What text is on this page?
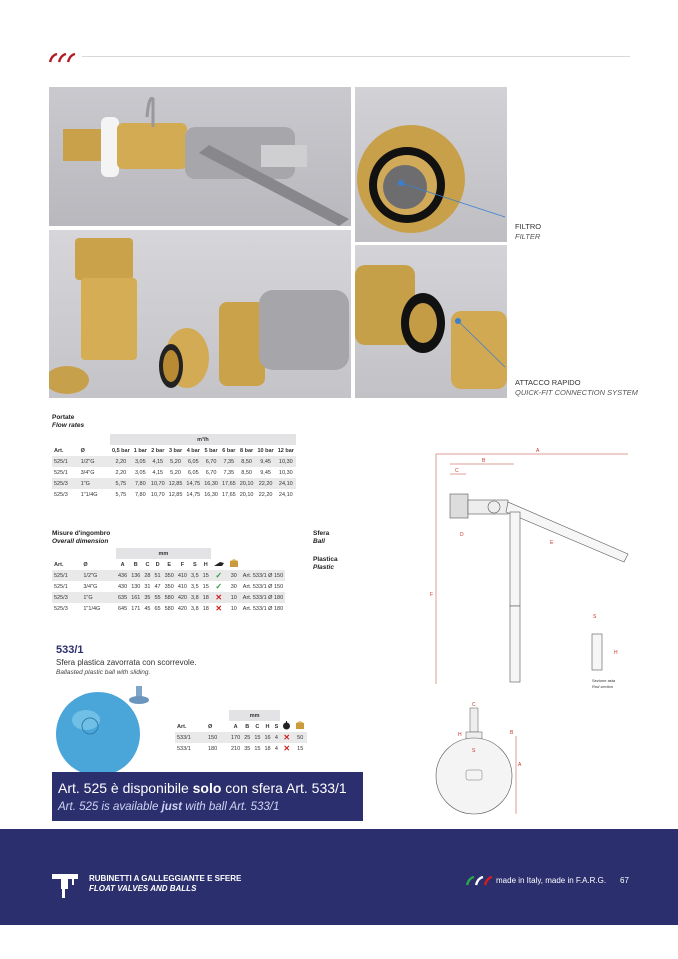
FILTRO
FILTER
ATTACCO RAPIDO
QUICK-FIT CONNECTION SYSTEM
Portate
Flow rates
		m³/h									
Art.	Ø	0,5 bar	1 bar	2 bar	3 bar	4 bar	5 bar	6 bar	8 bar	10 bar	12 bar
525/1	1/2"G	2,20	3,05	4,15	5,20	6,05	6,70	7,35	8,50	9,45	10,30
525/1	3/4"G	2,20	3,05	4,15	5,20	6,05	6,70	7,35	8,50	9,45	10,30
525/3	1"G	5,75	7,80	10,70	12,85	14,75	16,30	17,65	20,10	22,20	24,10
525/3	1"1/4G	5,75	7,80	10,70	12,85	14,75	16,30	17,65	20,10	22,20	24,10
Misure d'ingombro
Overall dimension
Sfera
Ball
Plastica
Plastic
		mm										
Art.	Ø	A	B	C	D	E	F	S	H			
525/1	1/2"G	436	136	28	51	350	410	3,5	15	✓	30	Art. 533/1 Ø 150
525/1	3/4"G	430	130	31	47	350	410	3,5	15	✓	30	Art. 533/1 Ø 150
525/3	1"G	635	161	35	55	580	420	3,8	18	✕	10	Art. 533/1 Ø 180
525/3	1"1/4G	645	171	45	65	580	420	3,8	18	✕	10	Art. 533/1 Ø 180
533/1
Sfera plastica zavorrata con scorrevole.
Ballasted plastic ball with sliding.
		mm						
Art.	Ø	A	B	C	H	S		
533/1	150	170	25	15	16	4	✕	50
533/1	180	210	35	15	18	4	✕	15
Art. 525 è disponibile solo con sfera Art. 533/1
Art. 525 is available just with ball Art. 533/1
A
B
C
F
D
E
S
H
Sezione asta
Rod section
A
B
C
H
S
RUBINETTI A GALLEGGIANTE E SFERE
FLOAT VALVES AND BALLS
made in Italy, made in F.A.R.G. 67
